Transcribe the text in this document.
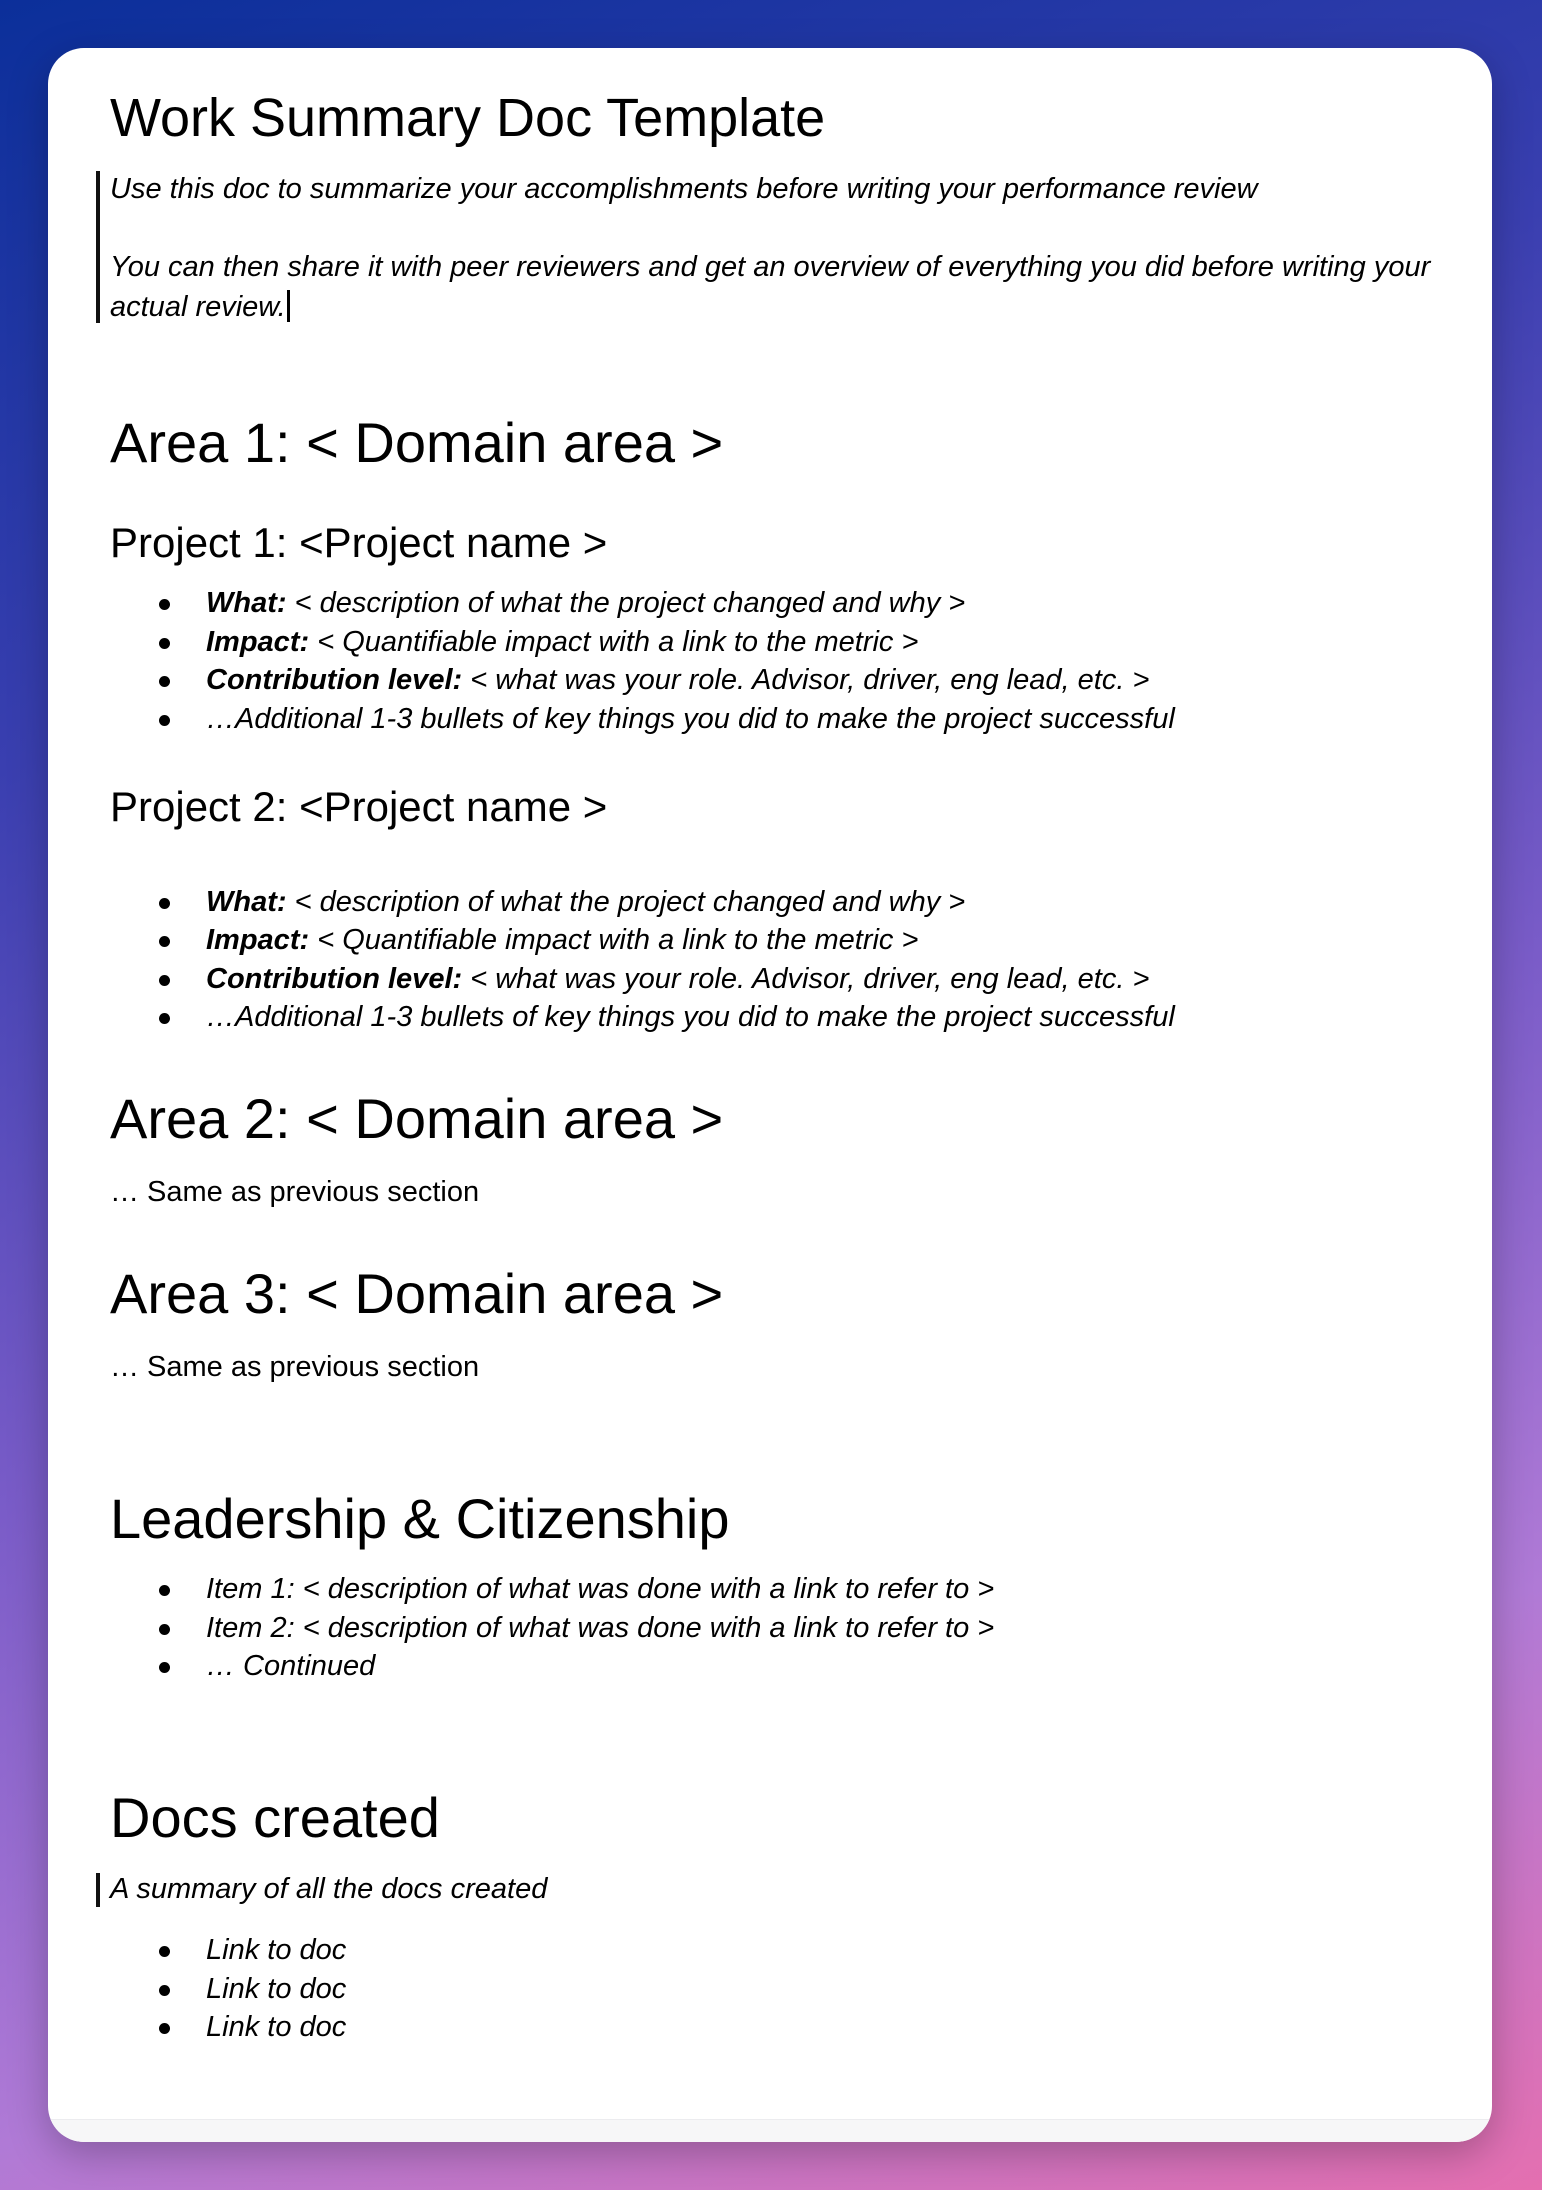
Work Summary Doc Template

Use this doc to summarize your accomplishments before writing your performance review

You can then share it with peer reviewers and get an overview of everything you did before writing your actual review.

Area 1: < Domain area >
Project 1: <Project name >
What: < description of what the project changed and why >
Impact: < Quantifiable impact with a link to the metric >
Contribution level: < what was your role. Advisor, driver, eng lead, etc. >
…Additional 1-3 bullets of key things you did to make the project successful
Project 2: <Project name >
What: < description of what the project changed and why >
Impact: < Quantifiable impact with a link to the metric >
Contribution level: < what was your role. Advisor, driver, eng lead, etc. >
…Additional 1-3 bullets of key things you did to make the project successful
Area 2: < Domain area >

… Same as previous section

Area 3: < Domain area >

… Same as previous section

Leadership & Citizenship
Item 1: < description of what was done with a link to refer to >
Item 2: < description of what was done with a link to refer to >
… Continued
Docs created

A summary of all the docs created

Link to doc
Link to doc
Link to doc
